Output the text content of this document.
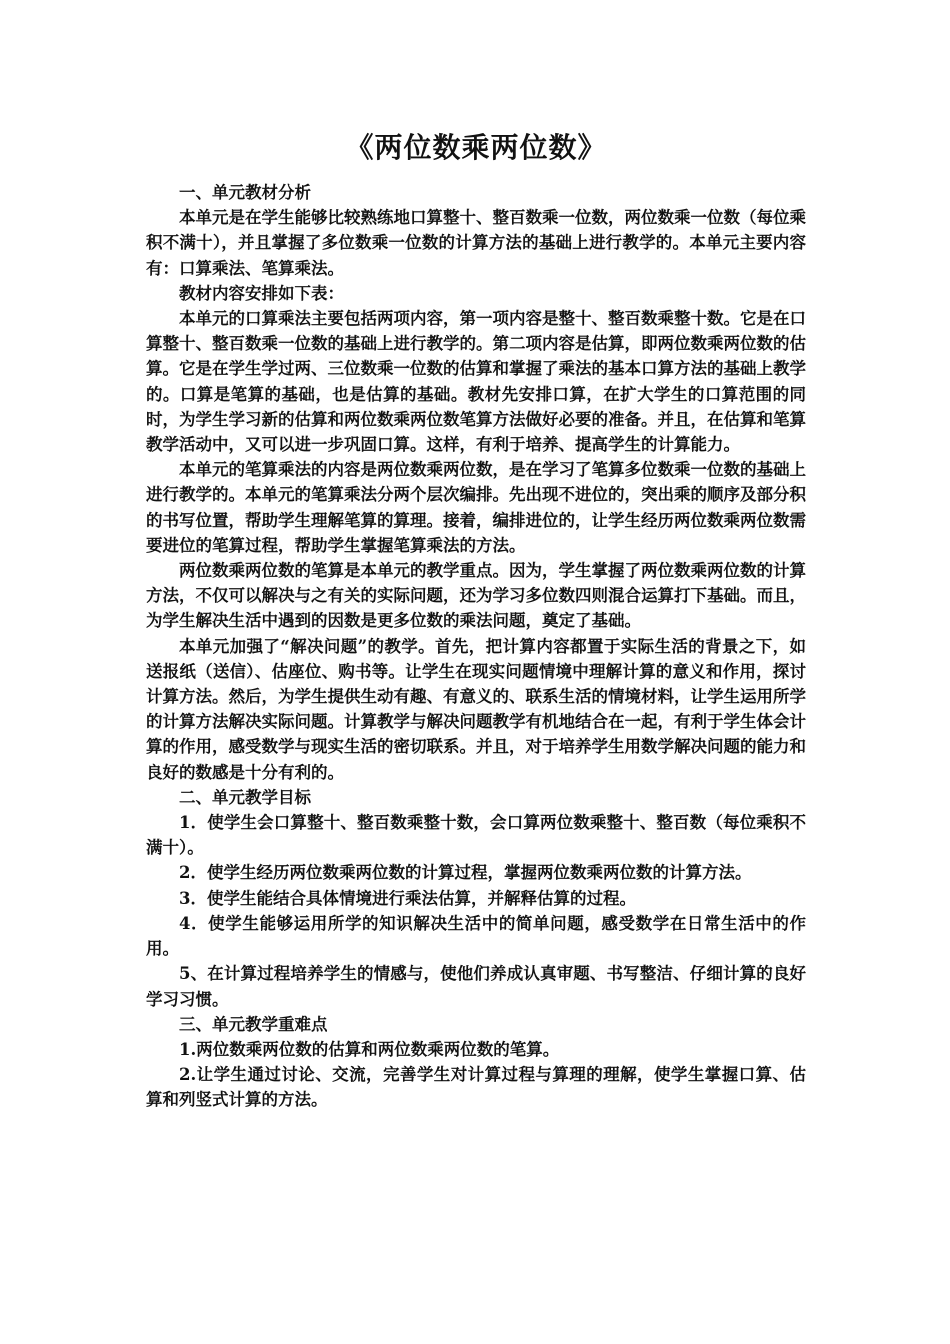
《两位数乘两位数》

一、单元教材分析

本单元是在学生能够比较熟练地口算整十、整百数乘一位数，两位数乘一位数（每位乘积不满十），并且掌握了多位数乘一位数的计算方法的基础上进行教学的。本单元主要内容有：口算乘法、笔算乘法。

教材内容安排如下表：

本单元的口算乘法主要包括两项内容，第一项内容是整十、整百数乘整十数。它是在口算整十、整百数乘一位数的基础上进行教学的。第二项内容是估算，即两位数乘两位数的估算。它是在学生学过两、三位数乘一位数的估算和掌握了乘法的基本口算方法的基础上教学的。口算是笔算的基础，也是估算的基础。教材先安排口算，在扩大学生的口算范围的同时，为学生学习新的估算和两位数乘两位数笔算方法做好必要的准备。并且，在估算和笔算教学活动中，又可以进一步巩固口算。这样，有利于培养、提高学生的计算能力。

本单元的笔算乘法的内容是两位数乘两位数，是在学习了笔算多位数乘一位数的基础上进行教学的。本单元的笔算乘法分两个层次编排。先出现不进位的，突出乘的顺序及部分积的书写位置，帮助学生理解笔算的算理。接着，编排进位的，让学生经历两位数乘两位数需要进位的笔算过程，帮助学生掌握笔算乘法的方法。

两位数乘两位数的笔算是本单元的教学重点。因为，学生掌握了两位数乘两位数的计算方法，不仅可以解决与之有关的实际问题，还为学习多位数四则混合运算打下基础。而且，为学生解决生活中遇到的因数是更多位数的乘法问题，奠定了基础。

本单元加强了“解决问题”的教学。首先，把计算内容都置于实际生活的背景之下，如送报纸（送信）、估座位、购书等。让学生在现实问题情境中理解计算的意义和作用，探讨计算方法。然后，为学生提供生动有趣、有意义的、联系生活的情境材料，让学生运用所学的计算方法解决实际问题。计算教学与解决问题教学有机地结合在一起，有利于学生体会计算的作用，感受数学与现实生活的密切联系。并且，对于培养学生用数学解决问题的能力和良好的数感是十分有利的。

二、单元教学目标

1．使学生会口算整十、整百数乘整十数，会口算两位数乘整十、整百数（每位乘积不满十）。

2．使学生经历两位数乘两位数的计算过程，掌握两位数乘两位数的计算方法。

3．使学生能结合具体情境进行乘法估算，并解释估算的过程。

4．使学生能够运用所学的知识解决生活中的简单问题，感受数学在日常生活中的作用。

5、在计算过程培养学生的情感与，使他们养成认真审题、书写整洁、仔细计算的良好学习习惯。

三、单元教学重难点

1.两位数乘两位数的估算和两位数乘两位数的笔算。

2.让学生通过讨论、交流，完善学生对计算过程与算理的理解，使学生掌握口算、估算和列竖式计算的方法。
